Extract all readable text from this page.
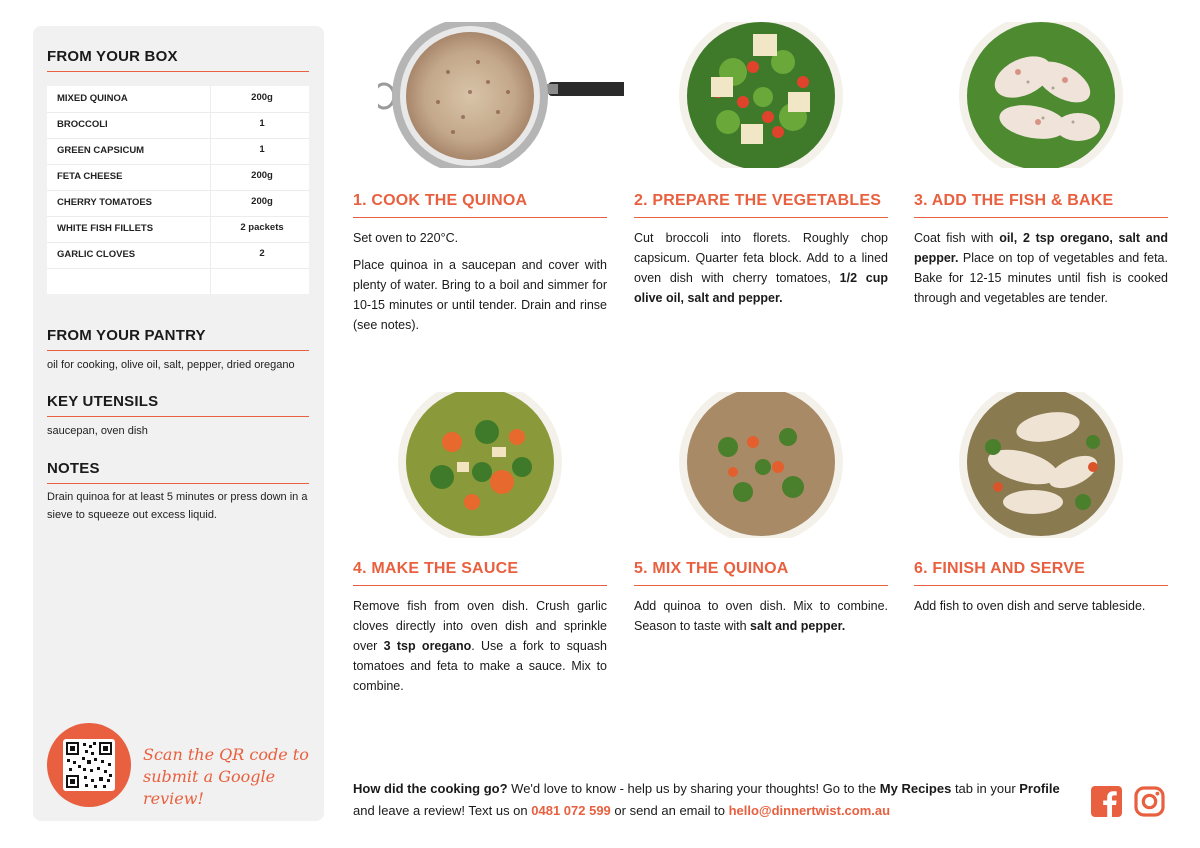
FROM YOUR BOX
MIXED QUINOA	200g
BROCCOLI	1
GREEN CAPSICUM	1
FETA CHEESE	200g
CHERRY TOMATOES	200g
WHITE FISH FILLETS	2 packets
GARLIC CLOVES	2
FROM YOUR PANTRY
oil for cooking, olive oil, salt, pepper, dried oregano
KEY UTENSILS
saucepan, oven dish
NOTES
Drain quinoa for at least 5 minutes or press down in a sieve to squeeze out excess liquid.
Scan the QR code to
submit a Google review!
1. COOK THE QUINOA

Set oven to 220°C.

Place quinoa in a saucepan and cover with plenty of water. Bring to a boil and simmer for 10-15 minutes or until tender. Drain and rinse (see notes).

2. PREPARE THE VEGETABLES

Cut broccoli into florets. Roughly chop capsicum. Quarter feta block. Add to a lined oven dish with cherry tomatoes, 1/2 cup olive oil, salt and pepper.

3. ADD THE FISH & BAKE

Coat fish with oil, 2 tsp oregano, salt and pepper. Place on top of vegetables and feta. Bake for 12-15 minutes until fish is cooked through and vegetables are tender.

4. MAKE THE SAUCE

Remove fish from oven dish. Crush garlic cloves directly into oven dish and sprinkle over 3 tsp oregano. Use a fork to squash tomatoes and feta to make a sauce. Mix to combine.

5. MIX THE QUINOA

Add quinoa to oven dish. Mix to combine. Season to taste with salt and pepper.

6. FINISH AND SERVE

Add fish to oven dish and serve tableside.

How did the cooking go? We'd love to know - help us by sharing your thoughts! Go to the My Recipes tab in your Profile and leave a review! Text us on 0481 072 599 or send an email to hello@dinnertwist.com.au
